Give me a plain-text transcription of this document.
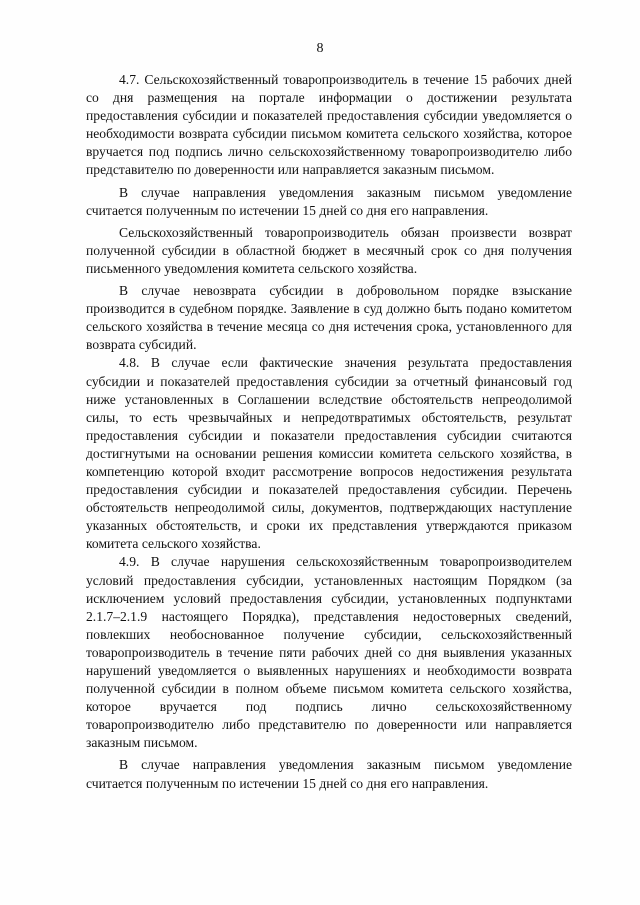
8

4.7. Сельскохозяйственный товаропроизводитель в течение 15 рабочих дней со дня размещения на портале информации о достижении результата предоставления субсидии и показателей предоставления субсидии уведомляется о необходимости возврата субсидии письмом комитета сельского хозяйства, которое вручается под подпись лично сельскохозяйственному товаропроизводителю либо представителю по доверенности или направляется заказным письмом.

В случае направления уведомления заказным письмом уведомление считается полученным по истечении 15 дней со дня его направления.

Сельскохозяйственный товаропроизводитель обязан произвести возврат полученной субсидии в областной бюджет в месячный срок со дня получения письменного уведомления комитета сельского хозяйства.

В случае невозврата субсидии в добровольном порядке взыскание производится в судебном порядке. Заявление в суд должно быть подано комитетом сельского хозяйства в течение месяца со дня истечения срока, установленного для возврата субсидий.

4.8. В случае если фактические значения результата предоставления субсидии и показателей предоставления субсидии за отчетный финансовый год ниже установленных в Соглашении вследствие обстоятельств непреодолимой силы, то есть чрезвычайных и непредотвратимых обстоятельств, результат предоставления субсидии и показатели предоставления субсидии считаются достигнутыми на основании решения комиссии комитета сельского хозяйства, в компетенцию которой входит рассмотрение вопросов недостижения результата предоставления субсидии и показателей предоставления субсидии. Перечень обстоятельств непреодолимой силы, документов, подтверждающих наступление указанных обстоятельств, и сроки их представления утверждаются приказом комитета сельского хозяйства.

4.9. В случае нарушения сельскохозяйственным товаропроизводителем условий предоставления субсидии, установленных настоящим Порядком (за исключением условий предоставления субсидии, установленных подпунктами 2.1.7–2.1.9 настоящего Порядка), представления недостоверных сведений, повлекших необоснованное получение субсидии, сельскохозяйственный товаропроизводитель в течение пяти рабочих дней со дня выявления указанных нарушений уведомляется о выявленных нарушениях и необходимости возврата полученной субсидии в полном объеме письмом комитета сельского хозяйства, которое вручается под подпись лично сельскохозяйственному товаропроизводителю либо представителю по доверенности или направляется заказным письмом.

В случае направления уведомления заказным письмом уведомление считается полученным по истечении 15 дней со дня его направления.
